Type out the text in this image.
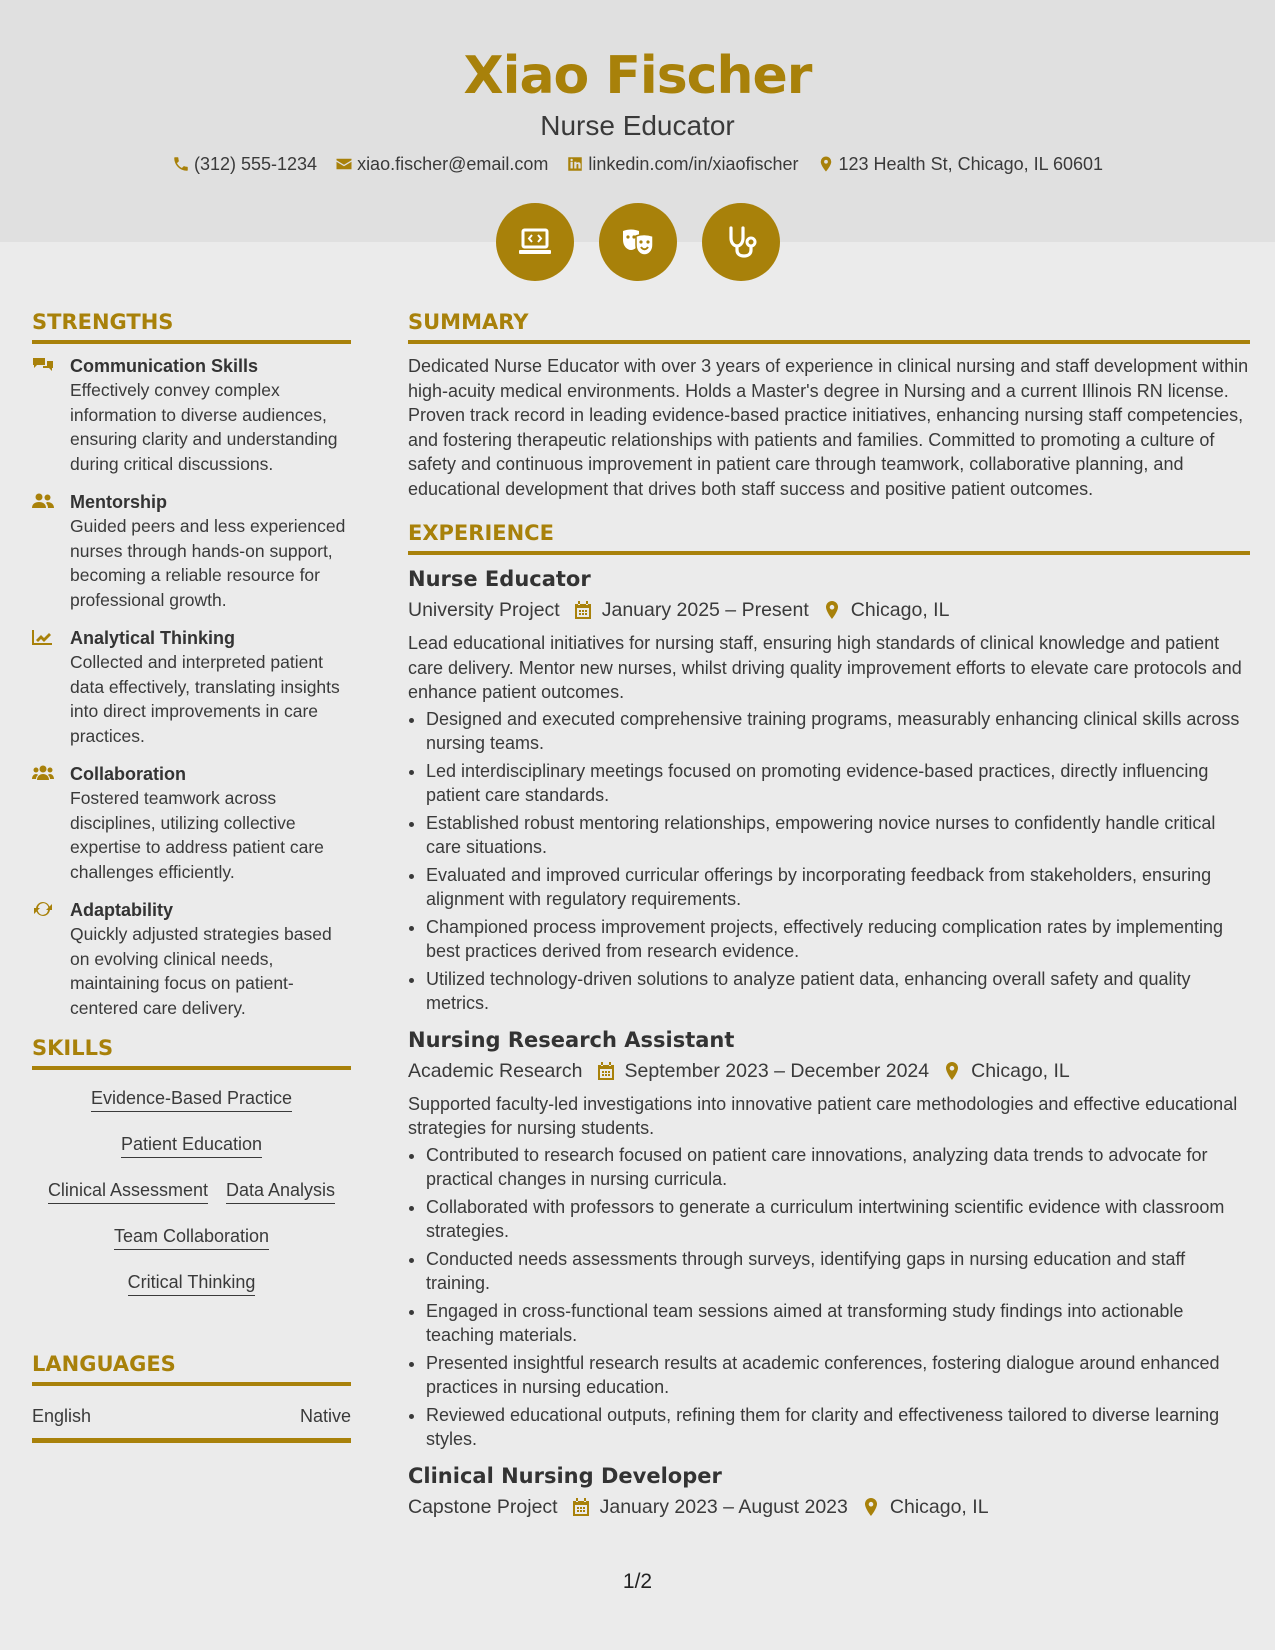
Xiao Fischer
Nurse Educator
(312) 555-1234 xiao.fischer@email.com linkedin.com/in/xiaofischer 123 Health St, Chicago, IL 60601
STRENGTHS
Communication Skills
Effectively convey complex information to diverse audiences, ensuring clarity and understanding during critical discussions.
Mentorship
Guided peers and less experienced nurses through hands-on support, becoming a reliable resource for professional growth.
Analytical Thinking
Collected and interpreted patient data effectively, translating insights into direct improvements in care practices.
Collaboration
Fostered teamwork across disciplines, utilizing collective expertise to address patient care challenges efficiently.
Adaptability
Quickly adjusted strategies based on evolving clinical needs, maintaining focus on patient-centered care delivery.
SKILLS
Evidence-Based Practice
Patient Education
Clinical Assessment Data Analysis
Team Collaboration
Critical Thinking
LANGUAGES
English	Native
SUMMARY

Dedicated Nurse Educator with over 3 years of experience in clinical nursing and staff development within high-acuity medical environments. Holds a Master's degree in Nursing and a current Illinois RN license. Proven track record in leading evidence-based practice initiatives, enhancing nursing staff competencies, and fostering therapeutic relationships with patients and families. Committed to promoting a culture of safety and continuous improvement in patient care through teamwork, collaborative planning, and educational development that drives both staff success and positive patient outcomes.

EXPERIENCE
Nurse Educator
University Project January 2025 – Present Chicago, IL

Lead educational initiatives for nursing staff, ensuring high standards of clinical knowledge and patient care delivery. Mentor new nurses, whilst driving quality improvement efforts to elevate care protocols and enhance patient outcomes.

• Designed and executed comprehensive training programs, measurably enhancing clinical skills across nursing teams.
• Led interdisciplinary meetings focused on promoting evidence-based practices, directly influencing patient care standards.
• Established robust mentoring relationships, empowering novice nurses to confidently handle critical care situations.
• Evaluated and improved curricular offerings by incorporating feedback from stakeholders, ensuring alignment with regulatory requirements.
• Championed process improvement projects, effectively reducing complication rates by implementing best practices derived from research evidence.
• Utilized technology-driven solutions to analyze patient data, enhancing overall safety and quality metrics.
Nursing Research Assistant
Academic Research September 2023 – December 2024 Chicago, IL

Supported faculty-led investigations into innovative patient care methodologies and effective educational strategies for nursing students.

• Contributed to research focused on patient care innovations, analyzing data trends to advocate for practical changes in nursing curricula.
• Collaborated with professors to generate a curriculum intertwining scientific evidence with classroom strategies.
• Conducted needs assessments through surveys, identifying gaps in nursing education and staff training.
• Engaged in cross-functional team sessions aimed at transforming study findings into actionable teaching materials.
• Presented insightful research results at academic conferences, fostering dialogue around enhanced practices in nursing education.
• Reviewed educational outputs, refining them for clarity and effectiveness tailored to diverse learning styles.
Clinical Nursing Developer
Capstone Project January 2023 – August 2023 Chicago, IL
1/2
